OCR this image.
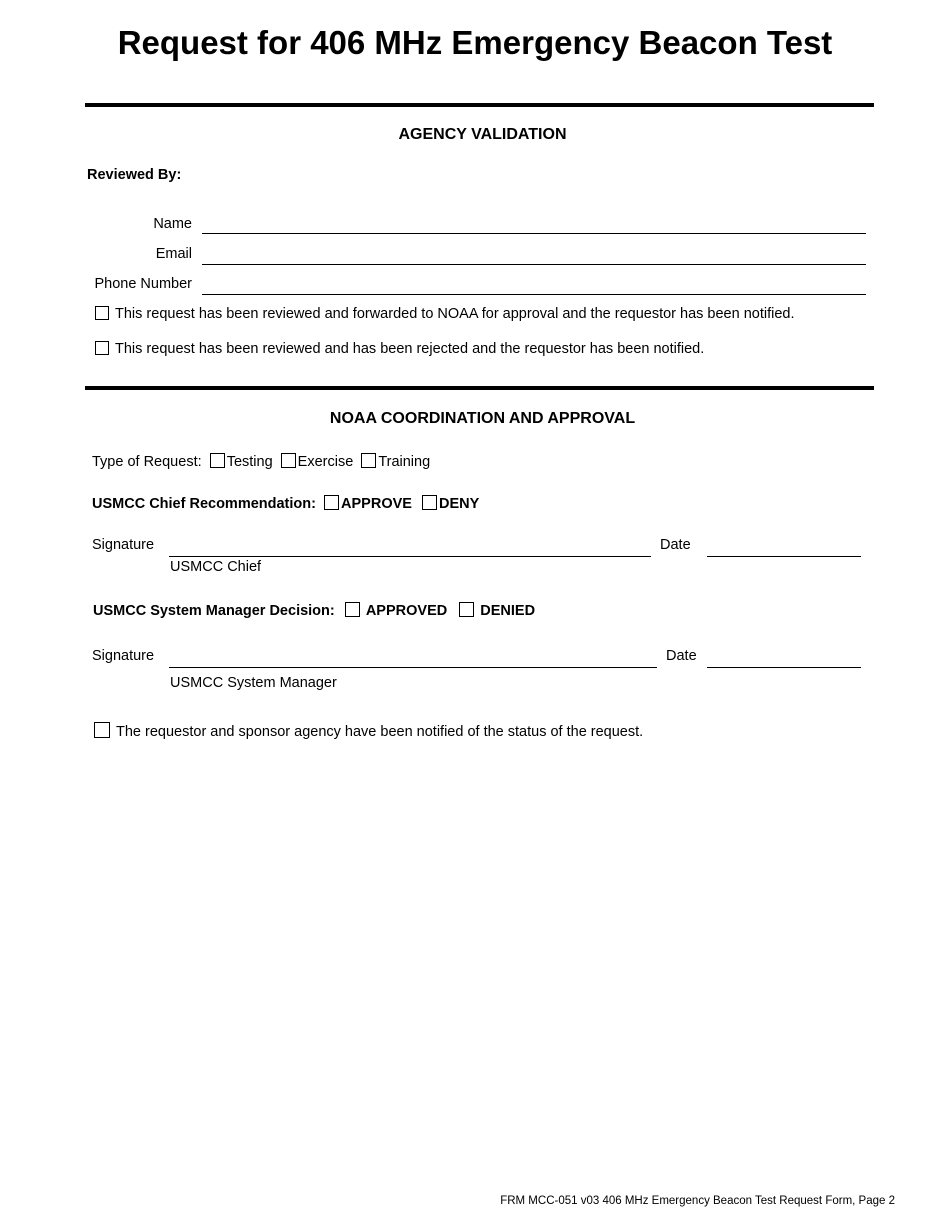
Request for 406 MHz Emergency Beacon Test
AGENCY VALIDATION
Reviewed By:
Name
Email
Phone Number
This request has been reviewed and forwarded to NOAA for approval and the requestor has been notified.
This request has been reviewed and has been rejected and the requestor has been notified.
NOAA COORDINATION AND APPROVAL
Type of Request: Testing Exercise Training
USMCC Chief Recommendation: APPROVE DENY
Signature	Date
USMCC Chief
USMCC System Manager Decision: APPROVED DENIED
Signature	Date
USMCC System Manager
The requestor and sponsor agency have been notified of the status of the request.
FRM MCC-051 v03 406 MHz Emergency Beacon Test Request Form, Page 2
